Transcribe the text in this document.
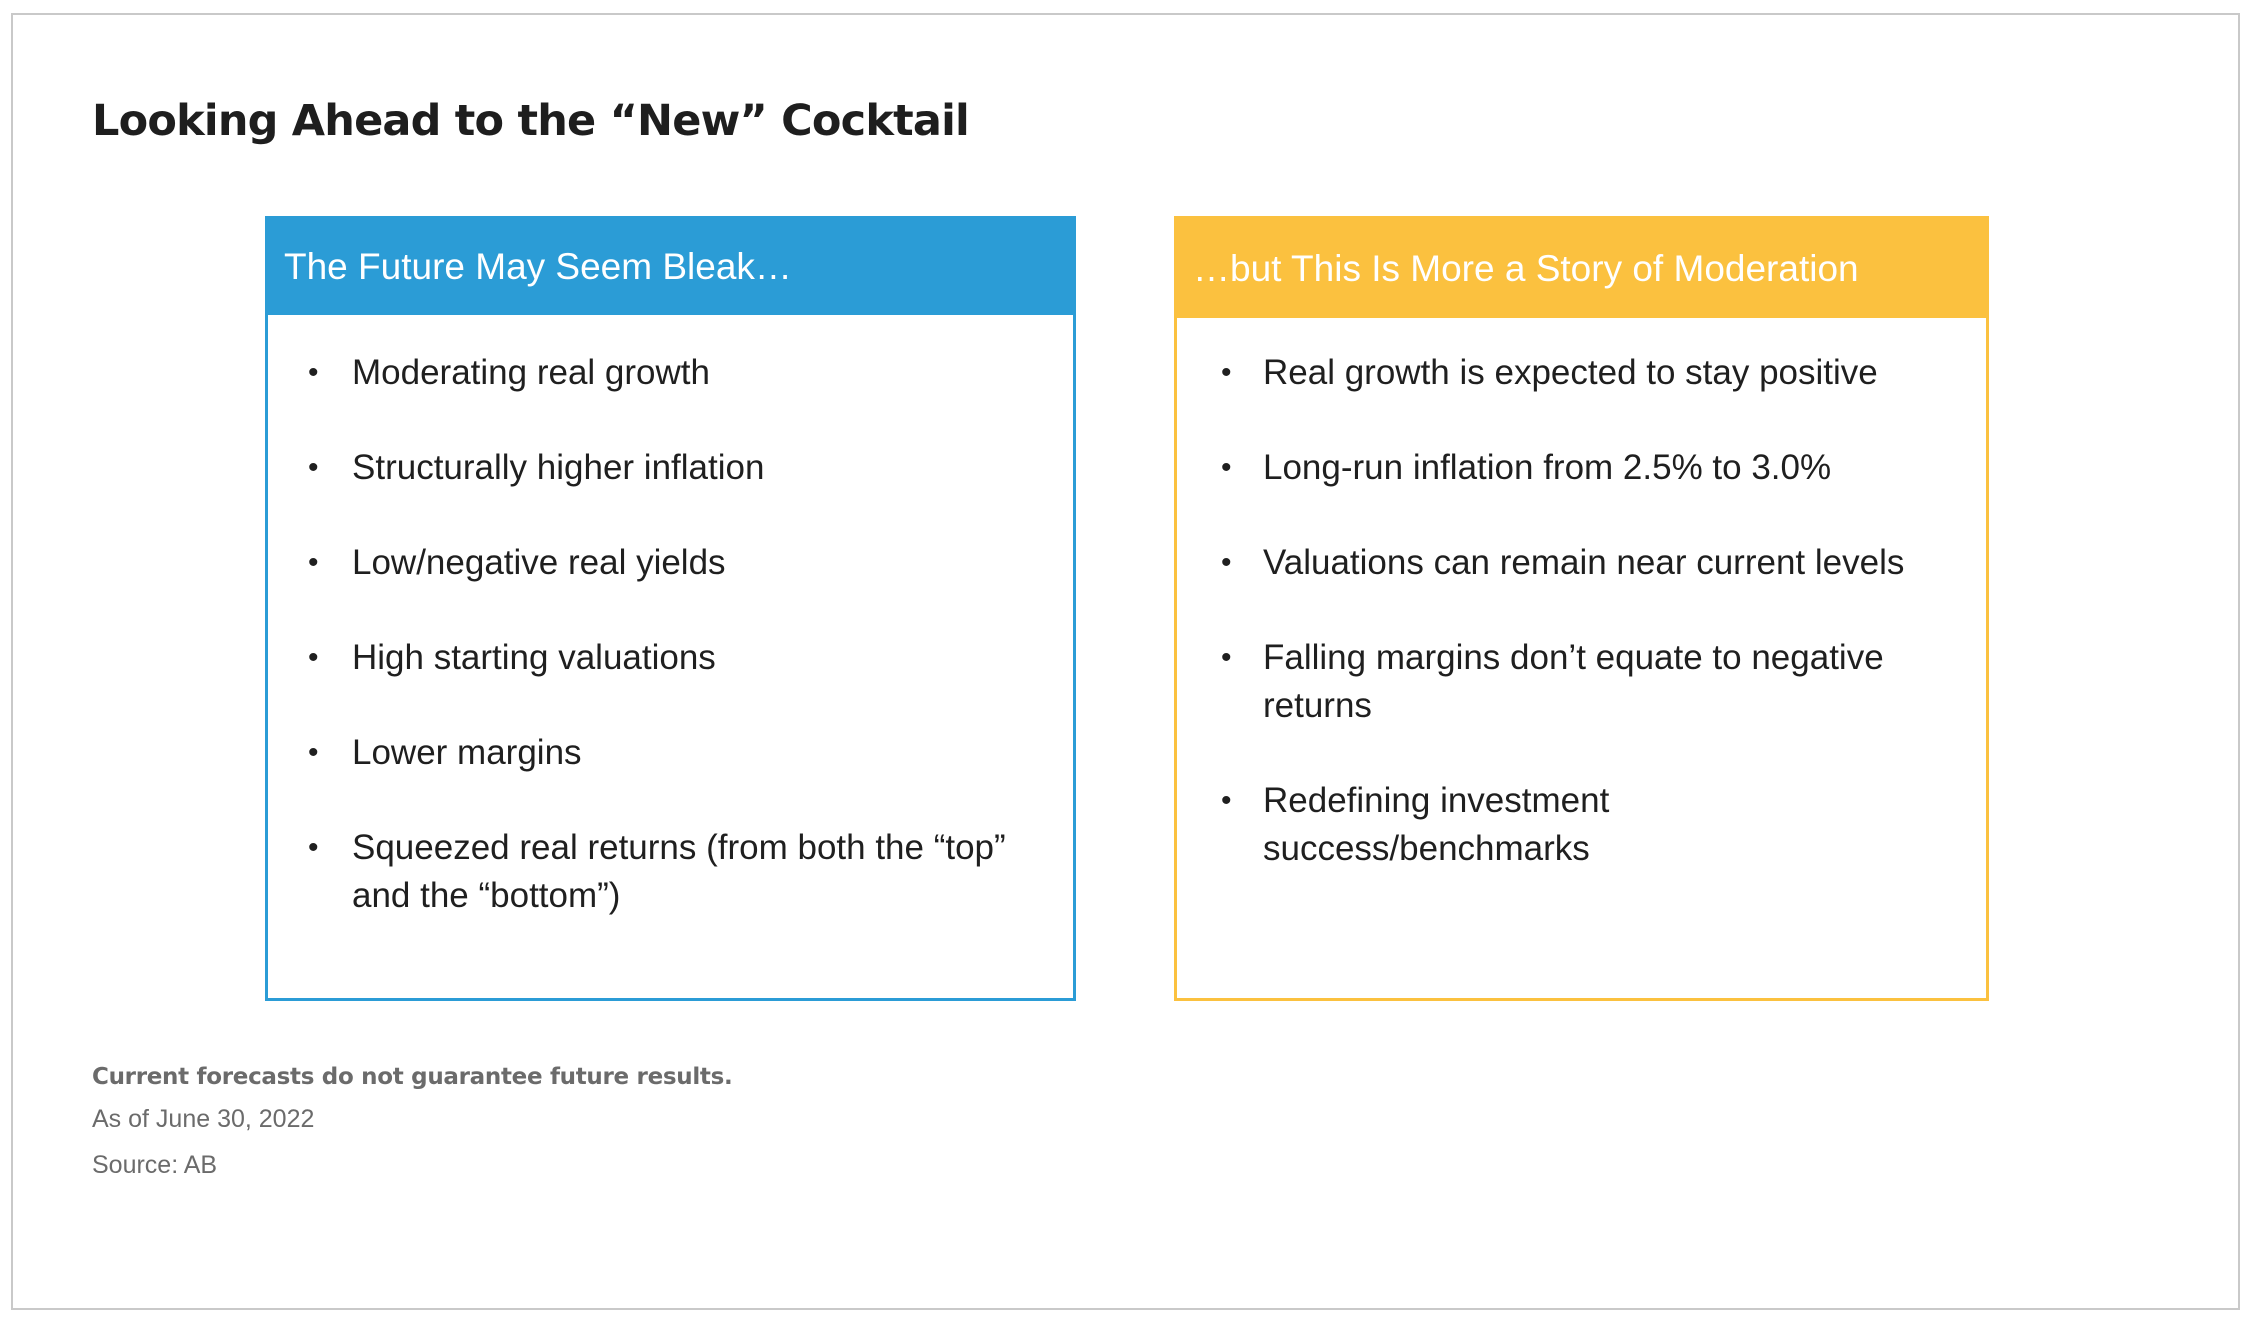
Looking Ahead to the “New” Cocktail
The Future May Seem Bleak…
• Moderating real growth
• Structurally higher inflation
• Low/negative real yields
• High starting valuations
• Lower margins
• Squeezed real returns (from both the “top” and the “bottom”)
…but This Is More a Story of Moderation
• Real growth is expected to stay positive
• Long-run inflation from 2.5% to 3.0%
• Valuations can remain near current levels
• Falling margins don’t equate to negative returns
• Redefining investment success/benchmarks

Current forecasts do not guarantee future results.

As of June 30, 2022

Source: AB
